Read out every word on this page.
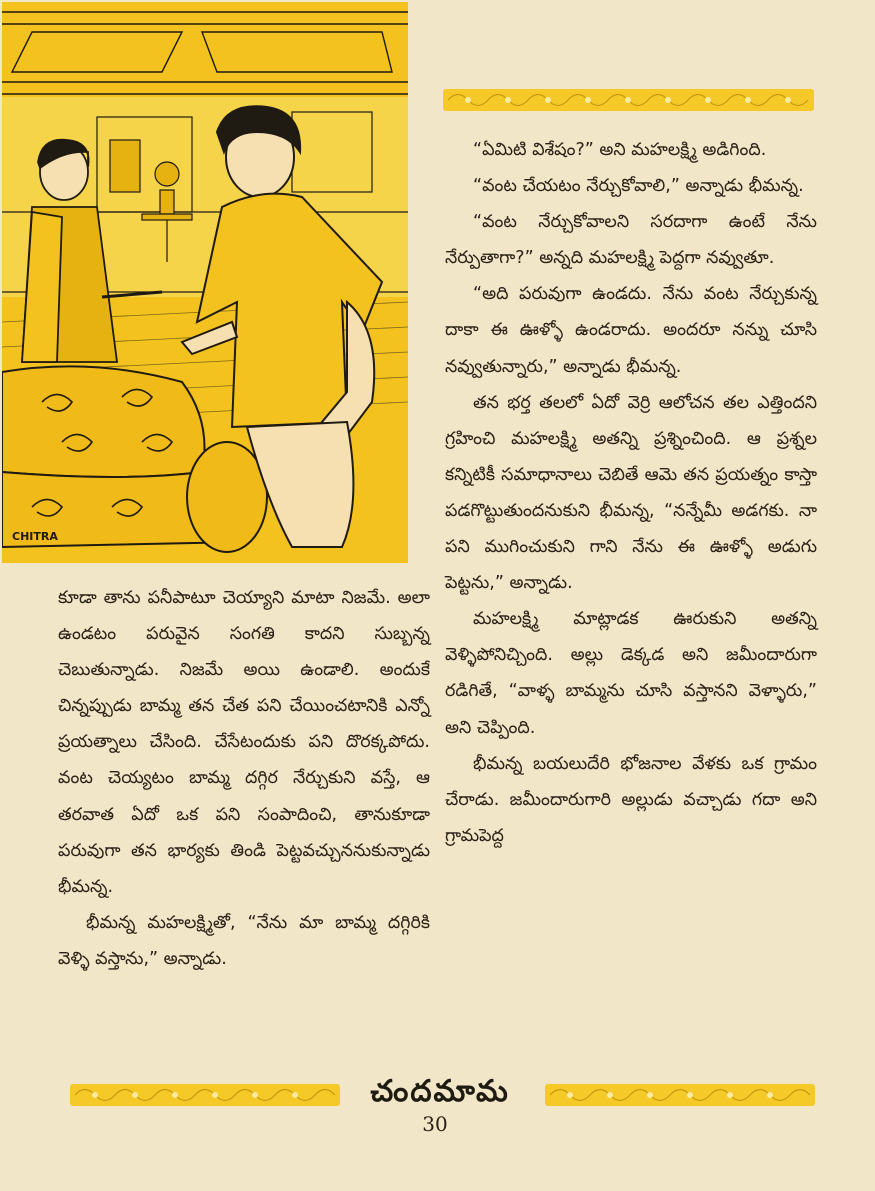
CHITRA

“ఏమిటి విశేషం?” అని మహలక్ష్మి అడిగింది.

“వంట చేయటం నేర్చుకోవాలి,” అన్నాడు భీమన్న.

“వంట నేర్చుకోవాలని సరదాగా ఉంటే నేను నేర్పుతాగా?” అన్నది మహలక్ష్మి పెద్దగా నవ్వుతూ.

“అది పరువుగా ఉండదు. నేను వంట నేర్చుకున్న దాకా ఈ ఊళ్ళో ఉండరాదు. అందరూ నన్ను చూసి నవ్వుతున్నారు,” అన్నాడు భీమన్న.

తన భర్త తలలో ఏదో వెర్రి ఆలోచన తల ఎత్తిందని గ్రహించి మహలక్ష్మి అతన్ని ప్రశ్నించింది. ఆ ప్రశ్నల కన్నిటికీ సమాధానాలు చెబితే ఆమె తన ప్రయత్నం కాస్తా పడగొట్టుతుందనుకుని భీమన్న, “నన్నేమీ అడగకు. నా పని ముగించుకుని గాని నేను ఈ ఊళ్ళో అడుగు పెట్టను,” అన్నాడు.

మహలక్ష్మి మాట్లాడక ఊరుకుని అతన్ని వెళ్ళిపోనిచ్చింది. అల్లు డెక్కడ అని జమీందారుగా రడిగితే, “వాళ్ళ బామ్మను చూసి వస్తానని వెళ్ళారు,” అని చెప్పింది.

భీమన్న బయలుదేరి భోజనాల వేళకు ఒక గ్రామం చేరాడు. జమీందారుగారి అల్లుడు వచ్చాడు గదా అని గ్రామపెద్ద

కూడా తాను పనీపాటూ చెయ్యాని మాటా నిజమే. అలా ఉండటం పరువైన సంగతి కాదని సుబ్బన్న చెబుతున్నాడు. నిజమే అయి ఉండాలి. అందుకే చిన్నప్పుడు బామ్మ తన చేత పని చేయించటానికి ఎన్నో ప్రయత్నాలు చేసింది. చేసేటందుకు పని దొరక్కపోదు. వంట చెయ్యటం బామ్మ దగ్గిర నేర్చుకుని వస్తే, ఆ తరవాత ఏదో ఒక పని సంపాదించి, తానుకూడా పరువుగా తన భార్యకు తిండి పెట్టవచ్చుననుకున్నాడు భీమన్న.

భీమన్న మహలక్ష్మితో, “నేను మా బామ్మ దగ్గిరికి వెళ్ళి వస్తాను,” అన్నాడు.

చందమామ
30
